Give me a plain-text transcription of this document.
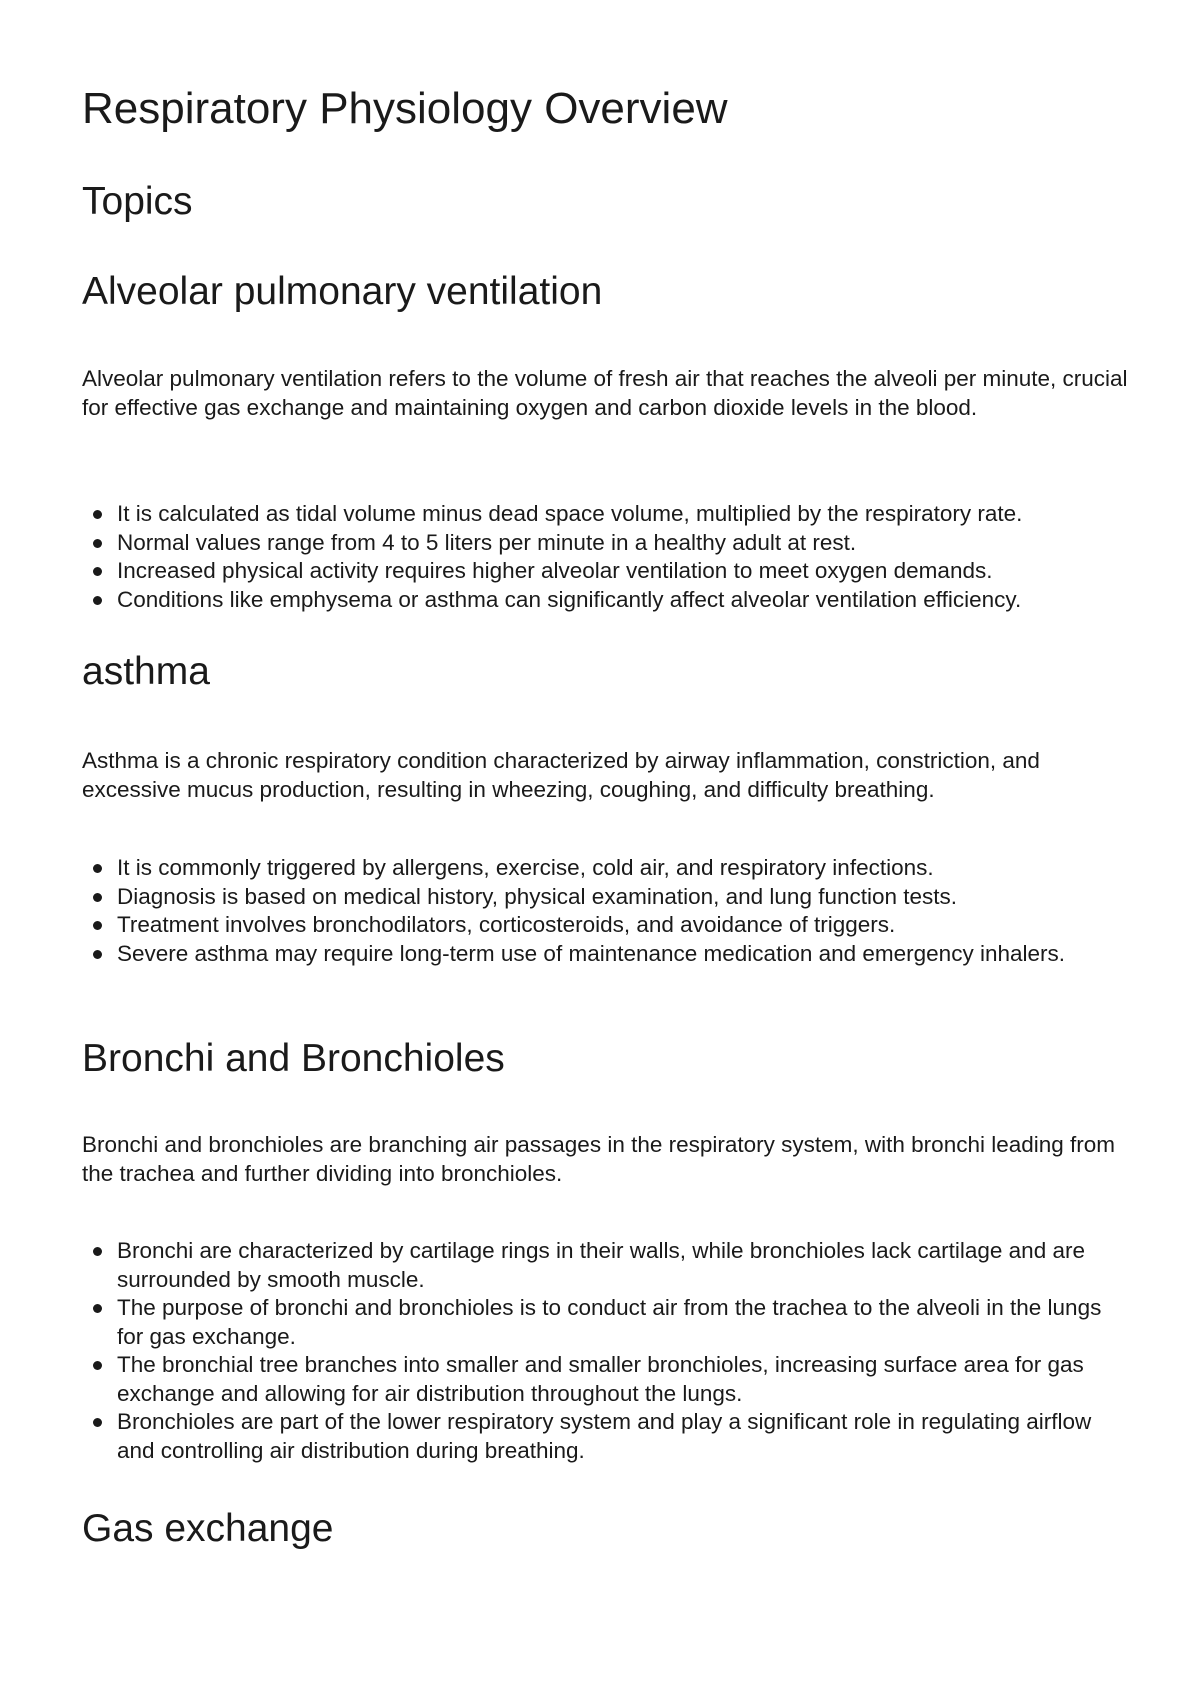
Respiratory Physiology Overview
Topics
Alveolar pulmonary ventilation

Alveolar pulmonary ventilation refers to the volume of fresh air that reaches the alveoli per minute, crucial for effective gas exchange and maintaining oxygen and carbon dioxide levels in the blood.

It is calculated as tidal volume minus dead space volume, multiplied by the respiratory rate.
Normal values range from 4 to 5 liters per minute in a healthy adult at rest.
Increased physical activity requires higher alveolar ventilation to meet oxygen demands.
Conditions like emphysema or asthma can significantly affect alveolar ventilation efficiency.
asthma

Asthma is a chronic respiratory condition characterized by airway inflammation, constriction, and excessive mucus production, resulting in wheezing, coughing, and difficulty breathing.

It is commonly triggered by allergens, exercise, cold air, and respiratory infections.
Diagnosis is based on medical history, physical examination, and lung function tests.
Treatment involves bronchodilators, corticosteroids, and avoidance of triggers.
Severe asthma may require long-term use of maintenance medication and emergency inhalers.
Bronchi and Bronchioles

Bronchi and bronchioles are branching air passages in the respiratory system, with bronchi leading from the trachea and further dividing into bronchioles.

Bronchi are characterized by cartilage rings in their walls, while bronchioles lack cartilage and are surrounded by smooth muscle.
The purpose of bronchi and bronchioles is to conduct air from the trachea to the alveoli in the lungs for gas exchange.
The bronchial tree branches into smaller and smaller bronchioles, increasing surface area for gas exchange and allowing for air distribution throughout the lungs.
Bronchioles are part of the lower respiratory system and play a significant role in regulating airflow and controlling air distribution during breathing.
Gas exchange
